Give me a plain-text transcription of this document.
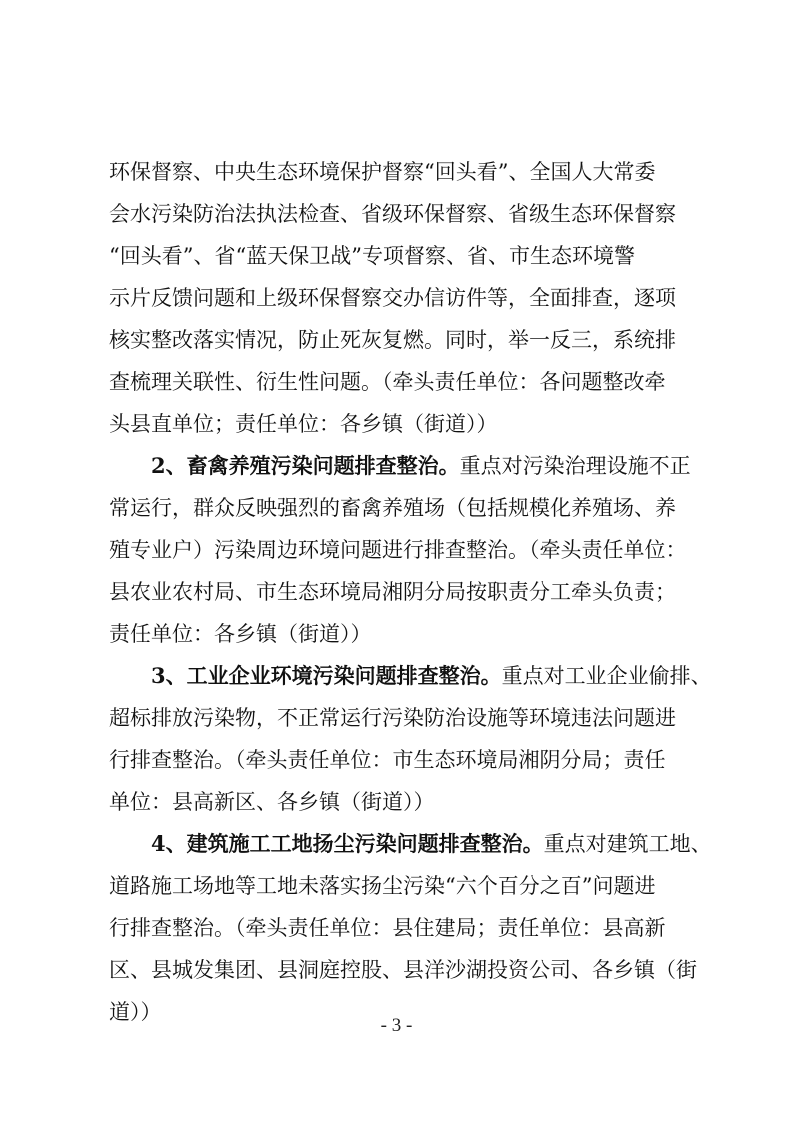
环保督察、中央生态环境保护督察“回头看”、全国人大常委
会水污染防治法执法检查、省级环保督察、省级生态环保督察
“回头看”、省“蓝天保卫战”专项督察、省、市生态环境警
示片反馈问题和上级环保督察交办信访件等，全面排查，逐项
核实整改落实情况，防止死灰复燃。同时，举一反三，系统排
查梳理关联性、衍生性问题。（牵头责任单位：各问题整改牵
头县直单位；责任单位：各乡镇（街道））
2、畜禽养殖污染问题排查整治。重点对污染治理设施不正
常运行，群众反映强烈的畜禽养殖场（包括规模化养殖场、养
殖专业户）污染周边环境问题进行排查整治。（牵头责任单位：
县农业农村局、市生态环境局湘阴分局按职责分工牵头负责；
责任单位：各乡镇（街道））
3、工业企业环境污染问题排查整治。重点对工业企业偷排、
超标排放污染物，不正常运行污染防治设施等环境违法问题进
行排查整治。（牵头责任单位：市生态环境局湘阴分局；责任
单位：县高新区、各乡镇（街道））
4、建筑施工工地扬尘污染问题排查整治。重点对建筑工地、
道路施工场地等工地未落实扬尘污染“六个百分之百”问题进
行排查整治。（牵头责任单位：县住建局；责任单位：县高新
区、县城发集团、县洞庭控股、县洋沙湖投资公司、各乡镇（街
道））
- 3 -
